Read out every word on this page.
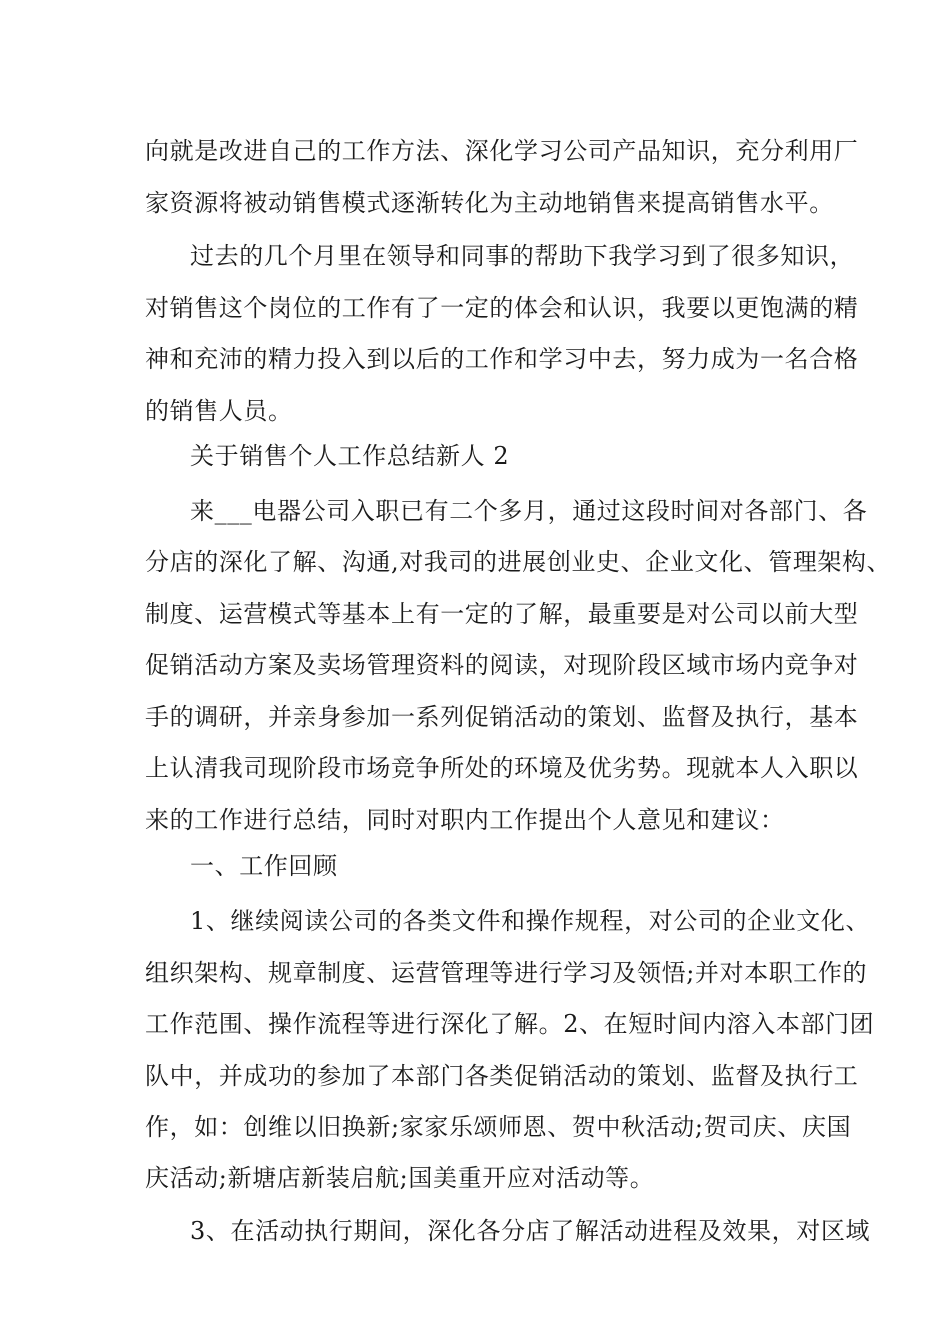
向就是改进自己的工作方法、深化学习公司产品知识，充分利用厂
家资源将被动销售模式逐渐转化为主动地销售来提高销售水平。
过去的几个月里在领导和同事的帮助下我学习到了很多知识，
对销售这个岗位的工作有了一定的体会和认识，我要以更饱满的精
神和充沛的精力投入到以后的工作和学习中去，努力成为一名合格
的销售人员。
关于销售个人工作总结新人 2
来___电器公司入职已有二个多月，通过这段时间对各部门、各
分店的深化了解、沟通,对我司的进展创业史、企业文化、管理架构、
制度、运营模式等基本上有一定的了解，最重要是对公司以前大型
促销活动方案及卖场管理资料的阅读，对现阶段区域市场内竞争对
手的调研，并亲身参加一系列促销活动的策划、监督及执行，基本
上认清我司现阶段市场竞争所处的环境及优劣势。现就本人入职以
来的工作进行总结，同时对职内工作提出个人意见和建议：
一、工作回顾
1、继续阅读公司的各类文件和操作规程，对公司的企业文化、
组织架构、规章制度、运营管理等进行学习及领悟;并对本职工作的
工作范围、操作流程等进行深化了解。2、在短时间内溶入本部门团
队中，并成功的参加了本部门各类促销活动的策划、监督及执行工
作，如：创维以旧换新;家家乐颂师恩、贺中秋活动;贺司庆、庆国
庆活动;新塘店新装启航;国美重开应对活动等。
3、在活动执行期间，深化各分店了解活动进程及效果，对区域
